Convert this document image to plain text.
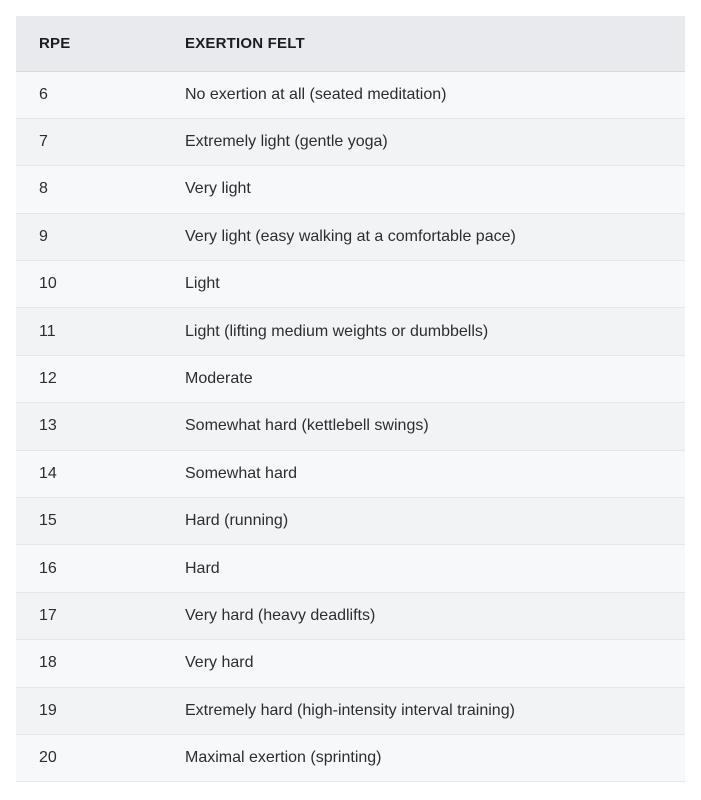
RPE	EXERTION FELT
6	No exertion at all (seated meditation)
7	Extremely light (gentle yoga)
8	Very light
9	Very light (easy walking at a comfortable pace)
10	Light
11	Light (lifting medium weights or dumbbells)
12	Moderate
13	Somewhat hard (kettlebell swings)
14	Somewhat hard
15	Hard (running)
16	Hard
17	Very hard (heavy deadlifts)
18	Very hard
19	Extremely hard (high-intensity interval training)
20	Maximal exertion (sprinting)
